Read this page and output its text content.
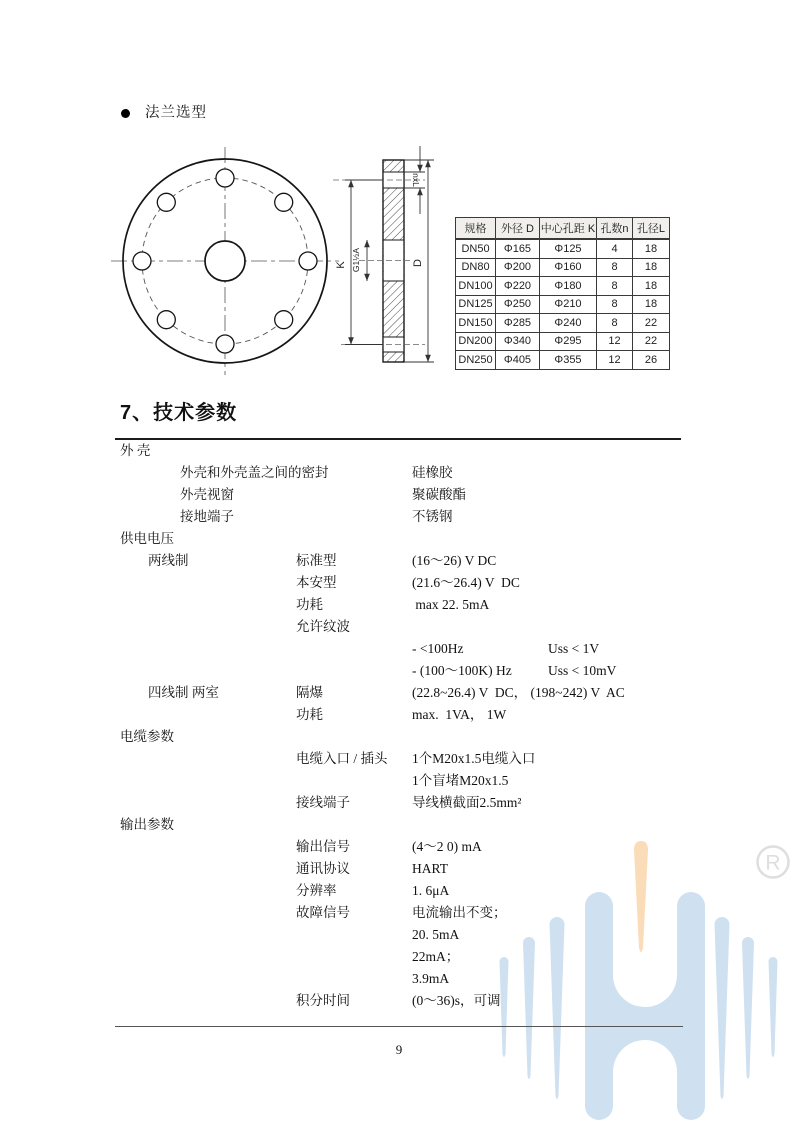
R
法兰选型
K G1½A	D
nxL
规格	外径 D	中心孔距 K	孔数n	孔径L
DN50	Φ165	Φ125	4	18
DN80	Φ200	Φ160	8	18
DN100	Φ220	Φ180	8	18
DN125	Φ250	Φ210	8	18
DN150	Φ285	Φ240	8	22
DN200	Φ340	Φ295	12	22
DN250	Φ405	Φ355	12	26
7、技术参数
外 壳
外壳和外壳盖之间的密封	硅橡胶
外壳视窗	聚碳酸酯
接地端子	不锈钢
供电电压
两线制	标准型	(16～26) V DC
本安型	(21.6～26.4) V  DC
功耗	max 22. 5mA
允许纹波
- <100Hz	Uss < 1V
- (100～100K) Hz	Uss < 10mV
四线制 两室	隔爆	(22.8~26.4) V  DC， (198~242) V  AC
功耗	max.  1VA， 1W
电缆参数
电缆入口 / 插头 1个M20x1.5电缆入口
1个盲堵M20x1.5
接线端子	导线横截面2.5mm²
输出参数
输出信号	(4～2 0) mA
通讯协议	HART
分辨率	1. 6μA
故障信号	电流输出不变；
20. 5mA
22mA；
3.9mA
积分时间	(0～36)s，可调
9
